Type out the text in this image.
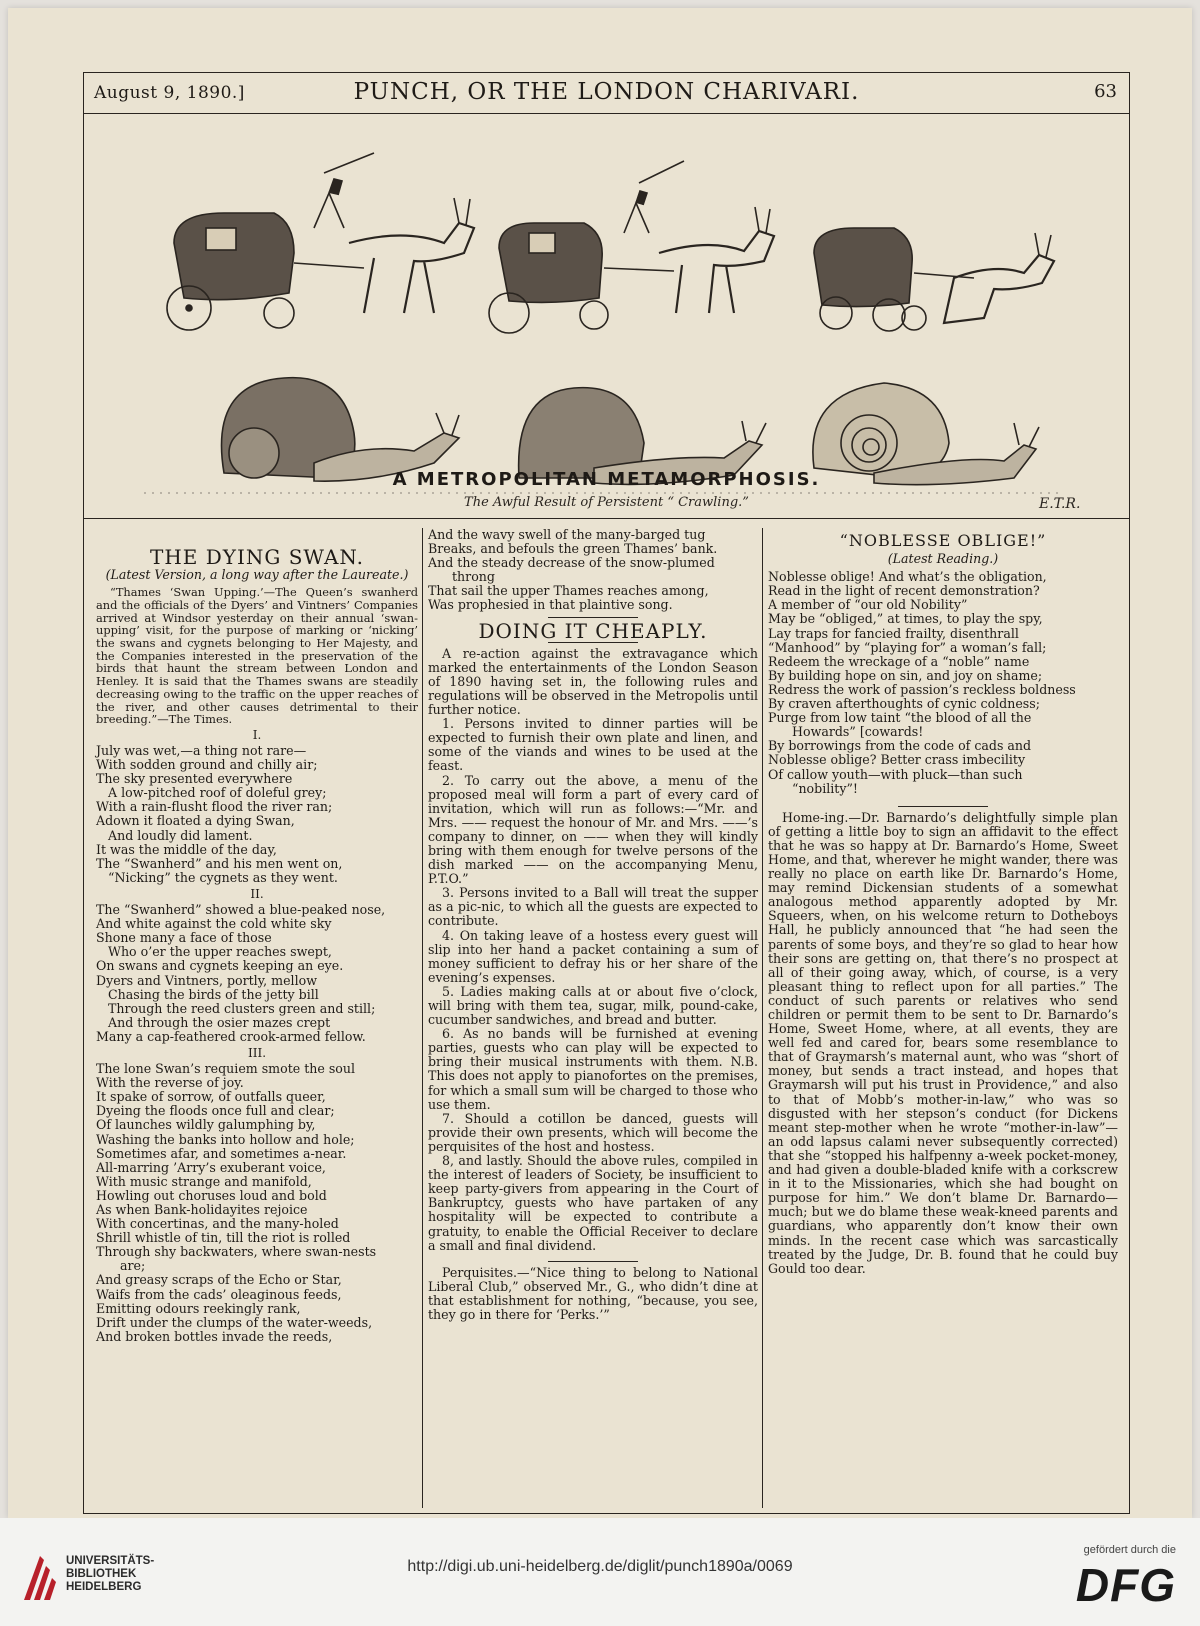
August 9, 1890.]	PUNCH, OR THE LONDON CHARIVARI.	63
E.T.R.
A METROPOLITAN METAMORPHOSIS.
The Awful Result of Persistent “ Crawling.”
THE DYING SWAN.
(Latest Version, a long way after the Laureate.)

“Thames ‘Swan Upping.’—The Queen’s swanherd and the officials of the Dyers’ and Vintners’ Companies arrived at Windsor yesterday on their annual ‘swan-upping’ visit, for the purpose of marking or ‘nicking’ the swans and cygnets belonging to Her Majesty, and the Companies interested in the preservation of the birds that haunt the stream between London and Henley. It is said that the Thames swans are steadily decreasing owing to the traffic on the upper reaches of the river, and other causes detrimental to their breeding.”—The Times.

I.
July was wet,—a thing not rare—
With sodden ground and chilly air;
The sky presented everywhere
A low-pitched roof of doleful grey;
With a rain-flusht flood the river ran;
Adown it floated a dying Swan,
And loudly did lament.
It was the middle of the day,
The “Swanherd” and his men went on,
“Nicking” the cygnets as they went.
II.
The “Swanherd” showed a blue-peaked nose,
And white against the cold white sky
Shone many a face of those
Who o’er the upper reaches swept,
On swans and cygnets keeping an eye.
Dyers and Vintners, portly, mellow
Chasing the birds of the jetty bill
Through the reed clusters green and still;
And through the osier mazes crept
Many a cap-feathered crook-armed fellow.
III.
The lone Swan’s requiem smote the soul
With the reverse of joy.
It spake of sorrow, of outfalls queer,
Dyeing the floods once full and clear;
Of launches wildly galumphing by,
Washing the banks into hollow and hole;
Sometimes afar, and sometimes a-near.
All-marring ’Arry’s exuberant voice,
With music strange and manifold,
Howling out choruses loud and bold
As when Bank-holidayites rejoice
With concertinas, and the many-holed
Shrill whistle of tin, till the riot is rolled
Through shy backwaters, where swan-nests
are;
And greasy scraps of the Echo or Star,
Waifs from the cads’ oleaginous feeds,
Emitting odours reekingly rank,
Drift under the clumps of the water-weeds,
And broken bottles invade the reeds,
And the wavy swell of the many-barged tug
Breaks, and befouls the green Thames’ bank.
And the steady decrease of the snow-plumed
throng
That sail the upper Thames reaches among,
Was prophesied in that plaintive song.
DOING IT CHEAPLY.

A re-action against the extravagance which marked the entertainments of the London Season of 1890 having set in, the following rules and regulations will be observed in the Metropolis until further notice.

1. Persons invited to dinner parties will be expected to furnish their own plate and linen, and some of the viands and wines to be used at the feast.

2. To carry out the above, a menu of the proposed meal will form a part of every card of invitation, which will run as follows:—“Mr. and Mrs. —— request the honour of Mr. and Mrs. ——’s company to dinner, on —— when they will kindly bring with them enough for twelve persons of the dish marked —— on the accompanying Menu, P.T.O.”

3. Persons invited to a Ball will treat the supper as a pic-nic, to which all the guests are expected to contribute.

4. On taking leave of a hostess every guest will slip into her hand a packet containing a sum of money sufficient to defray his or her share of the evening’s expenses.

5. Ladies making calls at or about five o’clock, will bring with them tea, sugar, milk, pound-cake, cucumber sandwiches, and bread and butter.

6. As no bands will be furnished at evening parties, guests who can play will be expected to bring their musical instruments with them. N.B. This does not apply to pianofortes on the premises, for which a small sum will be charged to those who use them.

7. Should a cotillon be danced, guests will provide their own presents, which will become the perquisites of the host and hostess.

8, and lastly. Should the above rules, compiled in the interest of leaders of Society, be insufficient to keep party-givers from appearing in the Court of Bankruptcy, guests who have partaken of any hospitality will be expected to contribute a gratuity, to enable the Official Receiver to declare a small and final dividend.

Perquisites.—“Nice thing to belong to National Liberal Club,” observed Mr., G., who didn’t dine at that establishment for nothing, “because, you see, they go in there for ‘Perks.’”

“NOBLESSE OBLIGE!”
(Latest Reading.)
Noblesse oblige! And what’s the obligation,
Read in the light of recent demonstration?
A member of “our old Nobility”
May be “obliged,” at times, to play the spy,
Lay traps for fancied frailty, disenthrall
“Manhood” by “playing for” a woman’s fall;
Redeem the wreckage of a “noble” name
By building hope on sin, and joy on shame;
Redress the work of passion’s reckless boldness
By craven afterthoughts of cynic coldness;
Purge from low taint “the blood of all the
Howards” [cowards!
By borrowings from the code of cads and
Noblesse oblige? Better crass imbecility
Of callow youth—with pluck—than such
“nobility”!

Home-ing.—Dr. Barnardo’s delightfully simple plan of getting a little boy to sign an affidavit to the effect that he was so happy at Dr. Barnardo’s Home, Sweet Home, and that, wherever he might wander, there was really no place on earth like Dr. Barnardo’s Home, may remind Dickensian students of a somewhat analogous method apparently adopted by Mr. Squeers, when, on his welcome return to Dotheboys Hall, he publicly announced that “he had seen the parents of some boys, and they’re so glad to hear how their sons are getting on, that there’s no prospect at all of their going away, which, of course, is a very pleasant thing to reflect upon for all parties.” The conduct of such parents or relatives who send children or permit them to be sent to Dr. Barnardo’s Home, Sweet Home, where, at all events, they are well fed and cared for, bears some resemblance to that of Graymarsh’s maternal aunt, who was “short of money, but sends a tract instead, and hopes that Graymarsh will put his trust in Providence,” and also to that of Mobb’s mother-in-law,” who was so disgusted with her stepson’s conduct (for Dickens meant step-mother when he wrote “mother-in-law”—an odd lapsus calami never subsequently corrected) that she “stopped his halfpenny a-week pocket-money, and had given a double-bladed knife with a corkscrew in it to the Missionaries, which she had bought on purpose for him.” We don’t blame Dr. Barnardo—much; but we do blame these weak-kneed parents and guardians, who apparently don’t know their own minds. In the recent case which was sarcastically treated by the Judge, Dr. B. found that he could buy Gould too dear.

UNIVERSITÄTS-
BIBLIOTHEK
HEIDELBERG
http://digi.ub.uni-heidelberg.de/diglit/punch1890a/0069
gefördert durch die
DFG
